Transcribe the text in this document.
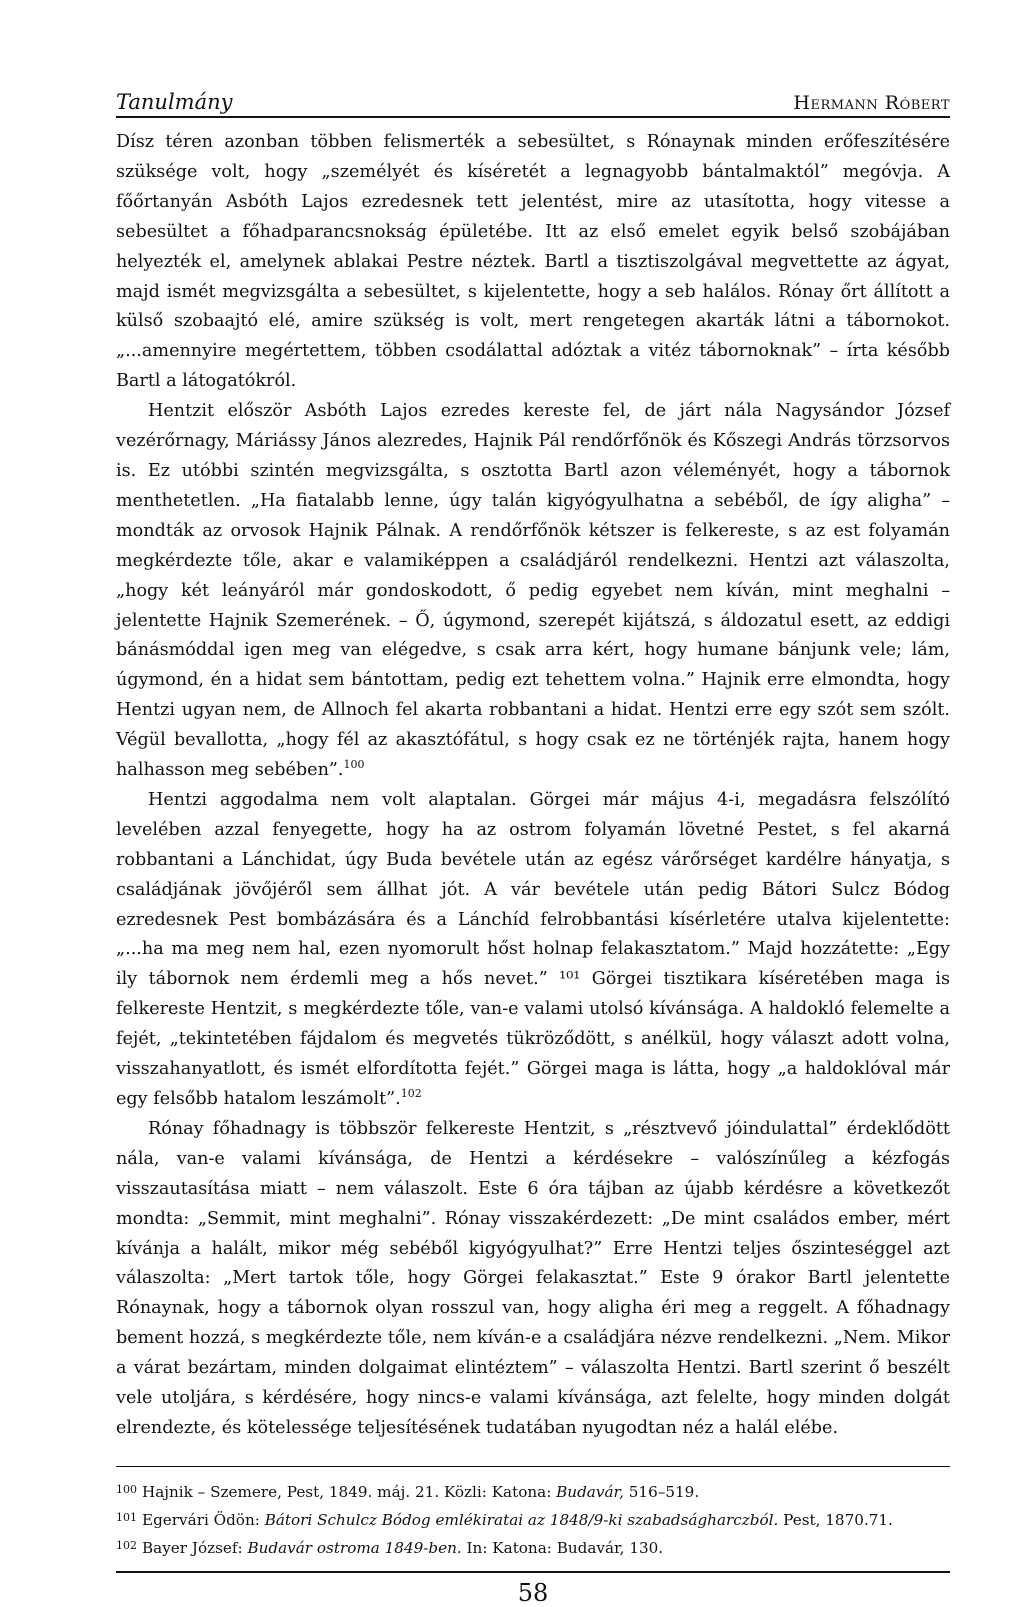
Tanulmány	Hermann Róbert

Dísz téren azonban többen felismerték a sebesültet, s Rónaynak minden erőfeszítésére szüksége volt, hogy „személyét és kíséretét a legnagyobb bántalmaktól” megóvja. A főőrtanyán Asbóth Lajos ezredesnek tett jelentést, mire az utasította, hogy vitesse a sebesültet a főhadparancsnokság épületébe. Itt az első emelet egyik belső szobájában helyezték el, amelynek ablakai Pestre néztek. Bartl a tisztiszolgával megvettette az ágyat, majd ismét megvizsgálta a sebesültet, s kijelentette, hogy a seb halálos. Rónay őrt állított a külső szobaajtó elé, amire szükség is volt, mert rengetegen akarták látni a tábornokot. „...amennyire megértettem, többen csodálattal adóztak a vitéz tábornoknak” – írta később Bartl a látogatókról.

Hentzit először Asbóth Lajos ezredes kereste fel, de járt nála Nagysándor József vezérőrnagy, Máriássy János alezredes, Hajnik Pál rendőrfőnök és Kőszegi András törzsorvos is. Ez utóbbi szintén megvizsgálta, s osztotta Bartl azon véleményét, hogy a tábornok menthetetlen. „Ha fiatalabb lenne, úgy talán kigyógyulhatna a sebéből, de így aligha” – mondták az orvosok Hajnik Pálnak. A rendőrfőnök kétszer is felkereste, s az est folyamán megkérdezte tőle, akar e valamiképpen a családjáról rendelkezni. Hentzi azt válaszolta, „hogy két leányáról már gondoskodott, ő pedig egyebet nem kíván, mint meghalni – jelentette Hajnik Szemerének. – Ő, úgymond, szerepét kijátszá, s áldozatul esett, az eddigi bánásmóddal igen meg van elégedve, s csak arra kért, hogy humane bánjunk vele; lám, úgymond, én a hidat sem bántottam, pedig ezt tehettem volna.” Hajnik erre elmondta, hogy Hentzi ugyan nem, de Allnoch fel akarta robbantani a hidat. Hentzi erre egy szót sem szólt. Végül bevallotta, „hogy fél az akasztófátul, s hogy csak ez ne történjék rajta, hanem hogy halhasson meg sebében”.$^{100}$

Hentzi aggodalma nem volt alaptalan. Görgei már május 4-i, megadásra felszólító levelében azzal fenyegette, hogy ha az ostrom folyamán lövetné Pestet, s fel akarná robbantani a Lánchidat, úgy Buda bevétele után az egész várőrséget kardélre hányatja, s családjának jövőjéről sem állhat jót. A vár bevétele után pedig Bátori Sulcz Bódog ezredesnek Pest bombázására és a Lánchíd felrobbantási kísérletére utalva kijelentette: „...ha ma meg nem hal, ezen nyomorult hőst holnap felakasztatom.” Majd hozzátette: „Egy ily tábornok nem érdemli meg a hős nevet.” ¹⁰¹ Görgei tisztikara kíséretében maga is felkereste Hentzit, s megkérdezte tőle, van-e valami utolsó kívánsága. A haldokló felemelte a fejét, „tekintetében fájdalom és megvetés tükröződött, s anélkül, hogy választ adott volna, visszahanyatlott, és ismét elfordította fejét.” Görgei maga is látta, hogy „a haldoklóval már egy felsőbb hatalom leszámolt”.$^{102}$

Rónay főhadnagy is többször felkereste Hentzit, s „résztvevő jóindulattal” érdeklődött nála, van-e valami kívánsága, de Hentzi a kérdésekre – valószínűleg a kézfogás visszautasítása miatt – nem válaszolt. Este 6 óra tájban az újabb kérdésre a következőt mondta: „Semmit, mint meghalni”. Rónay visszakérdezett: „De mint családos ember, mért kívánja a halált, mikor még sebéből kigyógyulhat?” Erre Hentzi teljes őszinteséggel azt válaszolta: „Mert tartok tőle, hogy Görgei felakasztat.” Este 9 órakor Bartl jelentette Rónaynak, hogy a tábornok olyan rosszul van, hogy aligha éri meg a reggelt. A főhadnagy bement hozzá, s megkérdezte tőle, nem kíván-e a családjára nézve rendelkezni. „Nem. Mikor a várat bezártam, minden dolgaimat elintéztem” – válaszolta Hentzi. Bartl szerint ő beszélt vele utoljára, s kérdésére, hogy nincs-e valami kívánsága, azt felelte, hogy minden dolgát elrendezte, és kötelessége teljesítésének tudatában nyugodtan néz a halál elébe.

100 Hajnik – Szemere, Pest, 1849. máj. 21. Közli: Katona: Budavár, 516–519.
101 Egervári Ödön: Bátori Schulcz Bódog emlékiratai az 1848/9-ki szabadságharczból. Pest, 1870.71.
102 Bayer József: Budavár ostroma 1849-ben. In: Katona: Budavár, 130.
58
